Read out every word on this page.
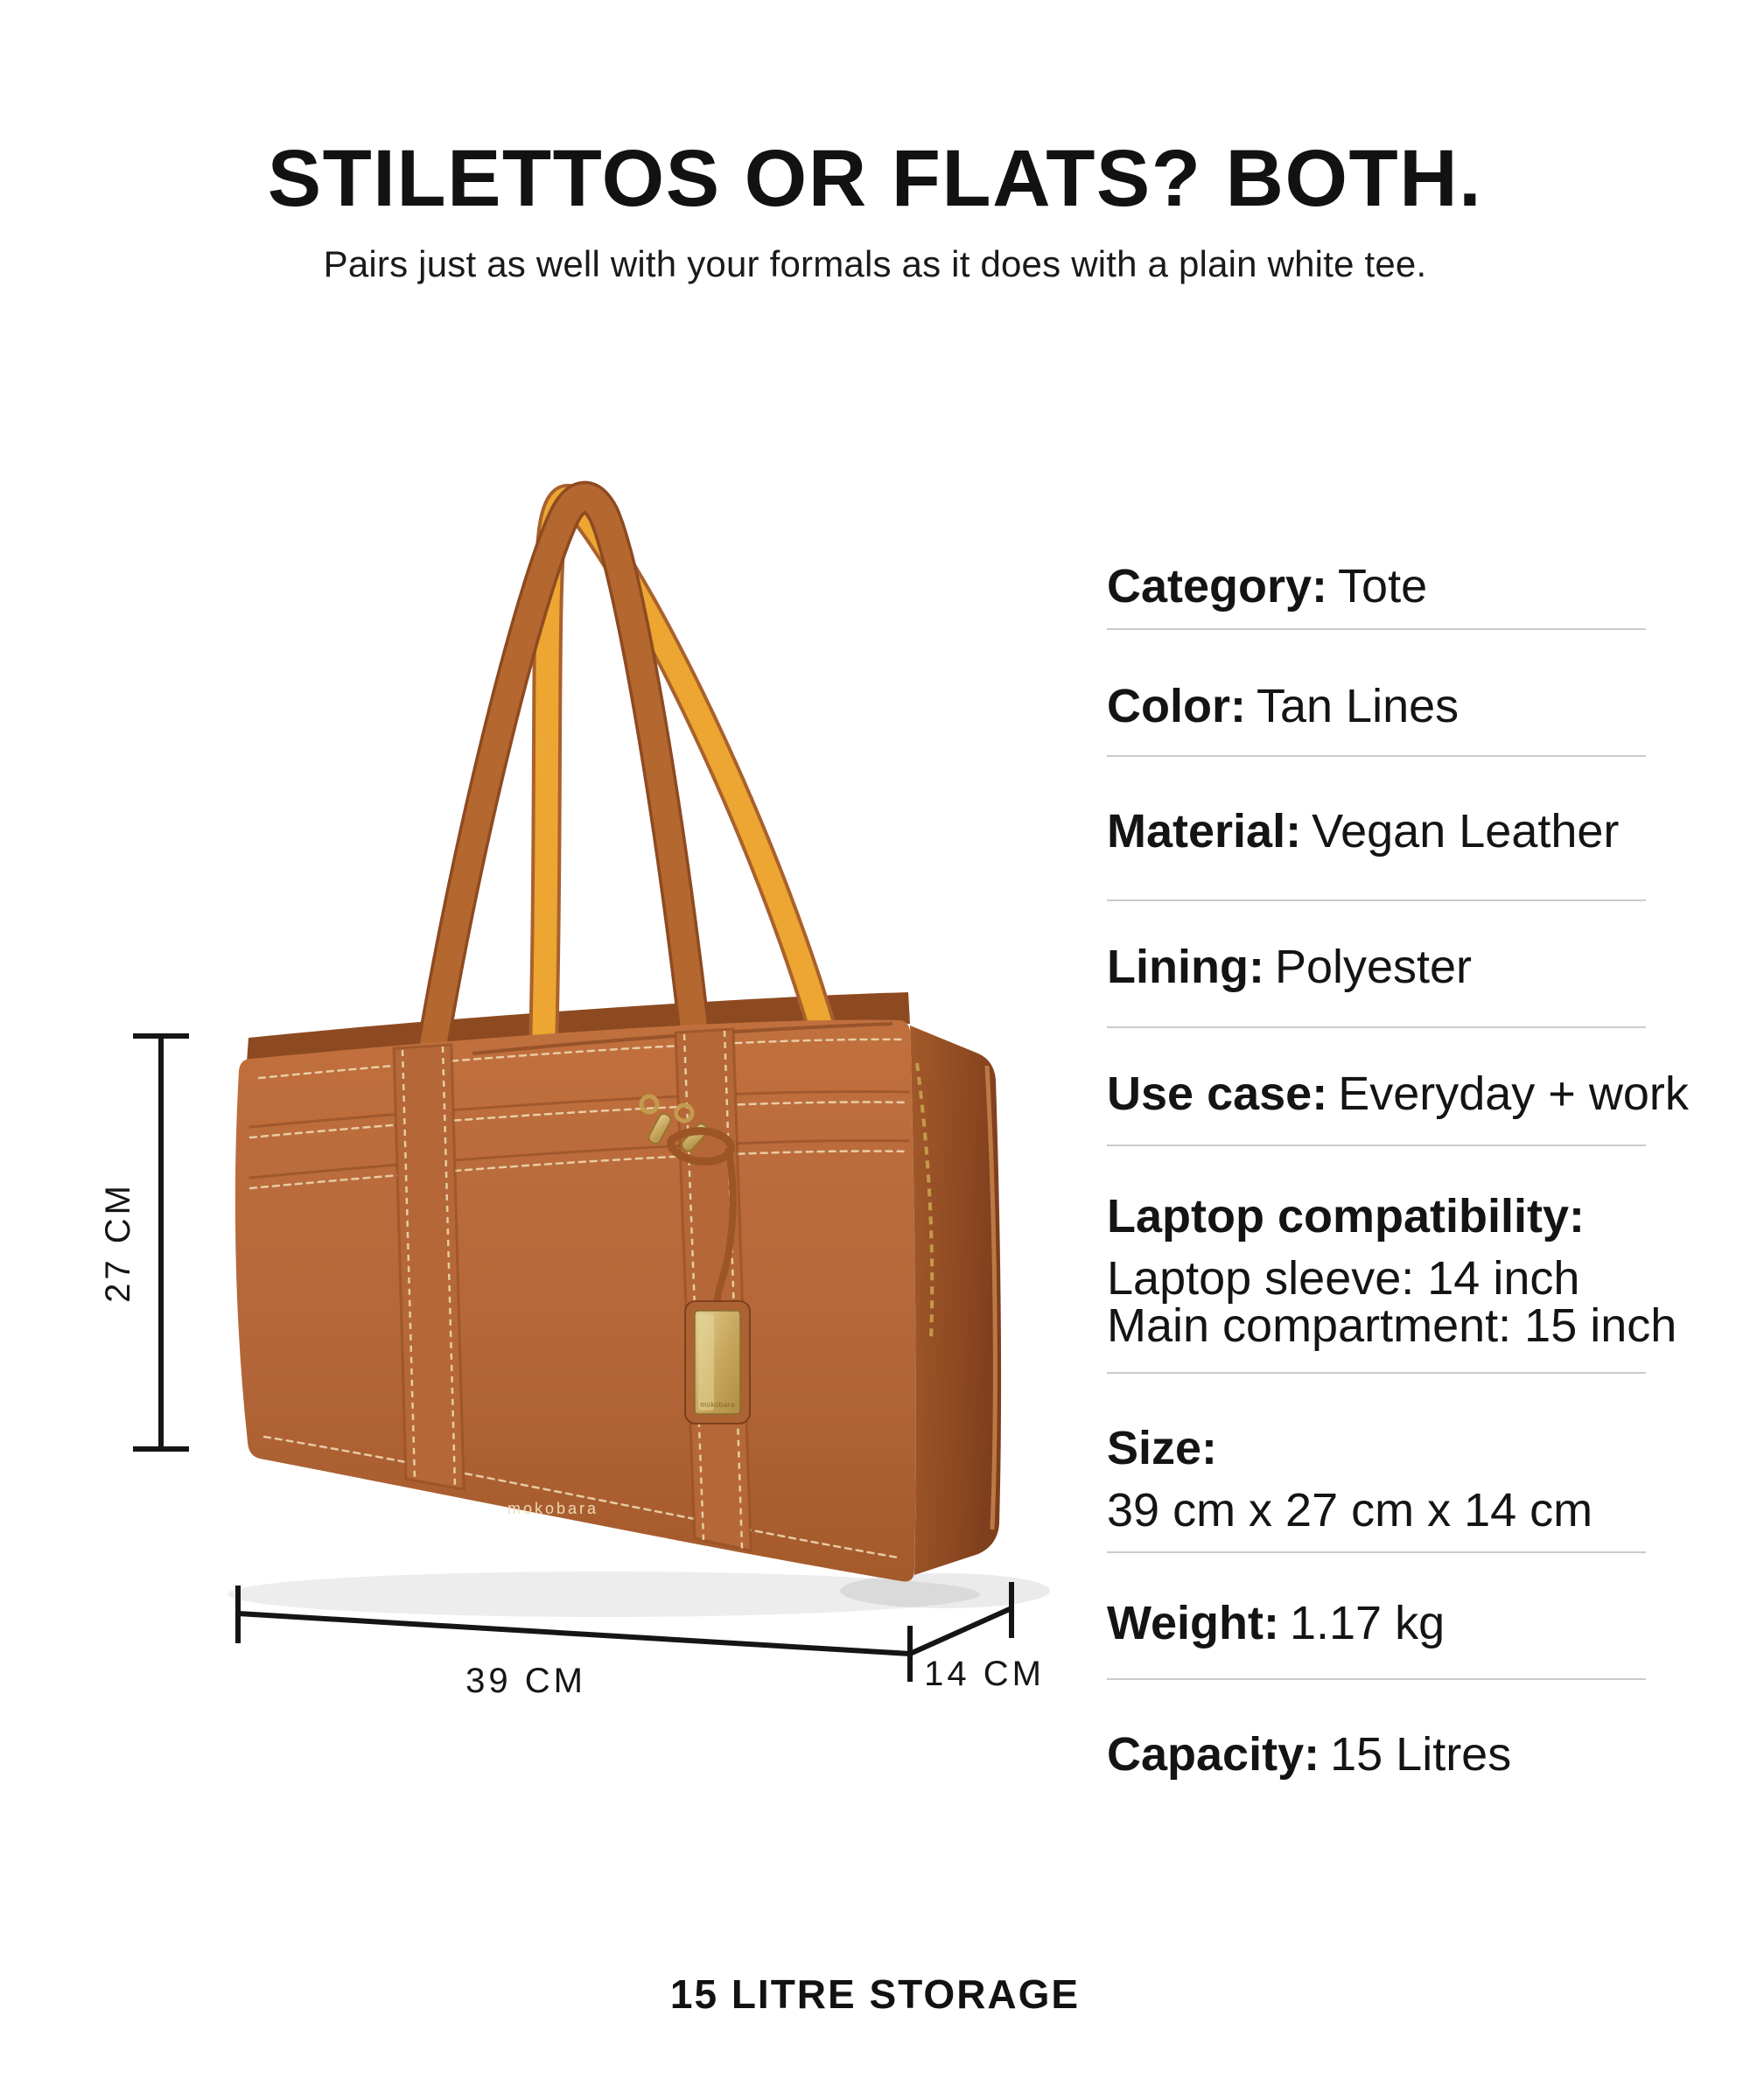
STILETTOS OR FLATS? BOTH.
Pairs just as well with your formals as it does with a plain white tee.
mokobara
mokobara
27 CM
39 CM	14 CM
Category: Tote
Color: Tan Lines
Material: Vegan Leather
Lining: Polyester
Use case: Everyday + work
Laptop compatibility:
Laptop sleeve: 14 inch
Main compartment: 15 inch
Size:
39 cm x 27 cm x 14 cm
Weight: 1.17 kg
Capacity: 15 Litres
15 LITRE STORAGE
